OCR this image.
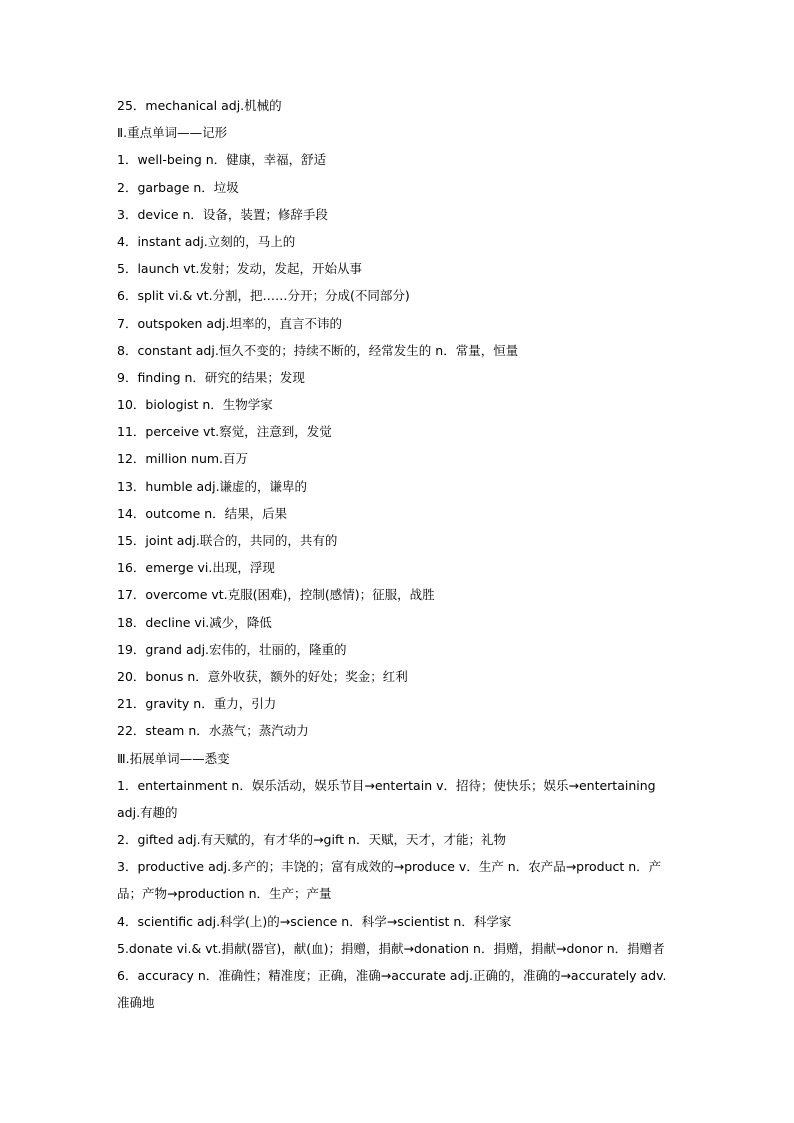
25．mechanical adj.机械的
Ⅱ.重点单词——记形
1．well-being n．健康，幸福，舒适
2．garbage n．垃圾
3．device n．设备，装置；修辞手段
4．instant adj.立刻的，马上的
5．launch vt.发射；发动，发起，开始从事
6．split vi.& vt.分割，把……分开；分成(不同部分)
7．outspoken adj.坦率的，直言不讳的
8．constant adj.恒久不变的；持续不断的，经常发生的 n．常量，恒量
9．finding n．研究的结果；发现
10．biologist n．生物学家
11．perceive vt.察觉，注意到，发觉
12．million num.百万
13．humble adj.谦虚的，谦卑的
14．outcome n．结果，后果
15．joint adj.联合的，共同的，共有的
16．emerge vi.出现，浮现
17．overcome vt.克服(困难)，控制(感情)；征服，战胜
18．decline vi.减少，降低
19．grand adj.宏伟的，壮丽的，隆重的
20．bonus n．意外收获，额外的好处；奖金；红利
21．gravity n．重力，引力
22．steam n．水蒸气；蒸汽动力
Ⅲ.拓展单词——悉变
1．entertainment n．娱乐活动，娱乐节目→entertain v．招待；使快乐；娱乐→entertaining
adj.有趣的
2．gifted adj.有天赋的，有才华的→gift n．天赋，天才，才能；礼物
3．productive adj.多产的；丰饶的；富有成效的→produce v．生产 n．农产品→product n．产
品；产物→production n．生产；产量
4．scientific adj.科学(上)的→science n．科学→scientist n．科学家
5.donate vi.& vt.捐献(器官)，献(血)；捐赠，捐献→donation n．捐赠，捐献→donor n．捐赠者
6．accuracy n．准确性；精准度；正确，准确→accurate adj.正确的，准确的→accurately adv.
准确地
